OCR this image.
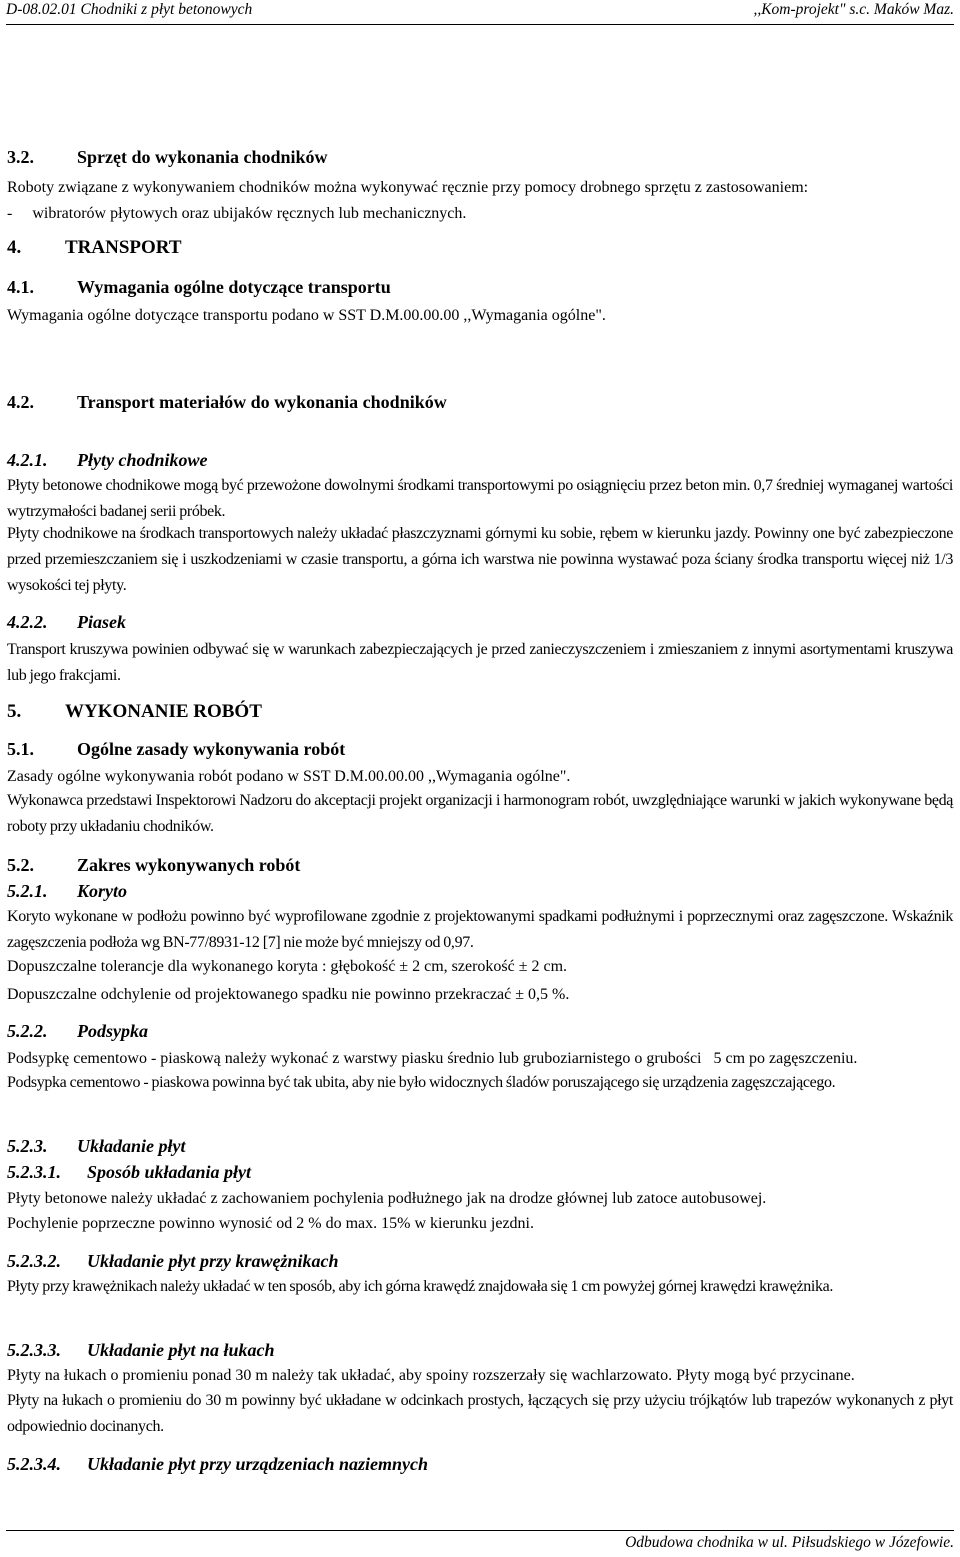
D-08.02.01 Chodniki z płyt betonowych	,,Kom-projekt" s.c. Maków Maz.
3.2. Sprzęt do wykonania chodników
Roboty związane z wykonywaniem chodników można wykonywać ręcznie przy pomocy drobnego sprzętu z zastosowaniem:
-     wibratorów płytowych oraz ubijaków ręcznych lub mechanicznych.
4. TRANSPORT
4.1. Wymagania ogólne dotyczące transportu
Wymagania ogólne dotyczące transportu podano w SST D.M.00.00.00 ,,Wymagania ogólne".
4.2. Transport materiałów do wykonania chodników
4.2.1. Płyty chodnikowe
Płyty betonowe chodnikowe mogą być przewożone dowolnymi środkami transportowymi po osiągnięciu przez beton min. 0,7 średniej wymaganej wartości wytrzymałości badanej serii próbek.
Płyty chodnikowe na środkach transportowych należy układać płaszczyznami górnymi ku sobie, rębem w kierunku jazdy. Powinny one być zabezpieczone przed przemieszczaniem się i uszkodzeniami w czasie transportu, a górna ich warstwa nie powinna wystawać poza ściany środka transportu więcej niż 1/3 wysokości tej płyty.
4.2.2. Piasek
Transport kruszywa powinien odbywać się w warunkach zabezpieczających je przed zanieczyszczeniem i zmieszaniem z innymi asortymentami kruszywa lub jego frakcjami.
5. WYKONANIE ROBÓT
5.1. Ogólne zasady wykonywania robót
Zasady ogólne wykonywania robót podano w SST D.M.00.00.00 ,,Wymagania ogólne".
Wykonawca przedstawi Inspektorowi Nadzoru do akceptacji projekt organizacji i harmonogram robót, uwzględniające warunki w jakich wykonywane będą roboty przy układaniu chodników.
5.2. Zakres wykonywanych robót
5.2.1. Koryto
Koryto wykonane w podłożu powinno być wyprofilowane zgodnie z projektowanymi spadkami podłużnymi i poprzecznymi oraz zagęszczone. Wskaźnik zagęszczenia podłoża wg BN-77/8931-12 [7] nie może być mniejszy od 0,97.
Dopuszczalne tolerancje dla wykonanego koryta : głębokość ± 2 cm, szerokość ± 2 cm.
Dopuszczalne odchylenie od projektowanego spadku nie powinno przekraczać ± 0,5 %.
5.2.2. Podsypka
Podsypkę cementowo - piaskową należy wykonać z warstwy piasku średnio lub gruboziarnistego o grubości   5 cm po zagęszczeniu.
Podsypka cementowo - piaskowa powinna być tak ubita, aby nie było widocznych śladów poruszającego się urządzenia zagęszczającego.
5.2.3. Układanie płyt
5.2.3.1. Sposób układania płyt
Płyty betonowe należy układać z zachowaniem pochylenia podłużnego jak na drodze głównej lub zatoce autobusowej.
Pochylenie poprzeczne powinno wynosić od 2 % do max. 15% w kierunku jezdni.
5.2.3.2. Układanie płyt przy krawężnikach
Płyty przy krawężnikach należy układać w ten sposób, aby ich górna krawędź znajdowała się 1 cm powyżej górnej krawędzi krawężnika.
5.2.3.3. Układanie płyt na łukach
Płyty na łukach o promieniu ponad 30 m należy tak układać, aby spoiny rozszerzały się wachlarzowato. Płyty mogą być przycinane.
Płyty na łukach o promieniu do 30 m powinny być układane w odcinkach prostych, łączących się przy użyciu trójkątów lub trapezów wykonanych z płyt odpowiednio docinanych.
5.2.3.4. Układanie płyt przy urządzeniach naziemnych
Odbudowa chodnika w ul. Piłsudskiego w Józefowie.
